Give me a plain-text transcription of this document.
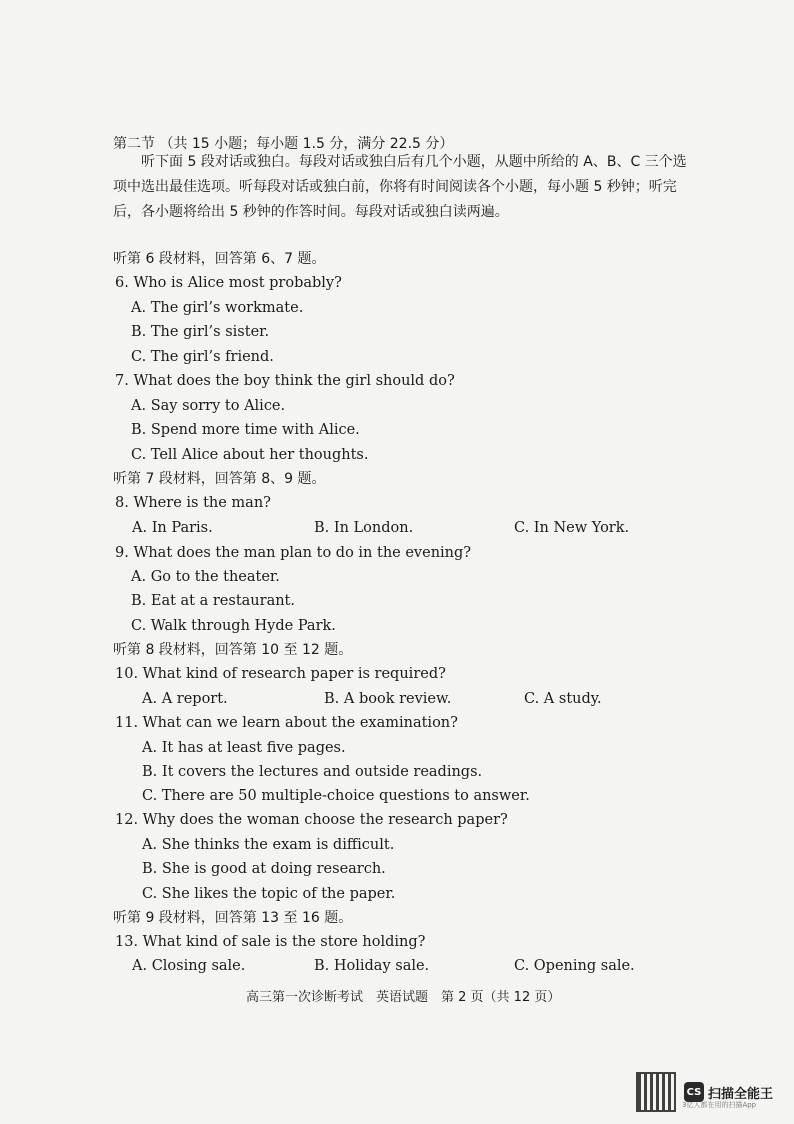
第二节 （共 15 小题；每小题 1.5 分，满分 22.5 分）
听下面 5 段对话或独白。每段对话或独白后有几个小题，从题中所给的 A、B、C 三个选项中选出最佳选项。听每段对话或独白前，你将有时间阅读各个小题，每小题 5 秒钟；听完后，各小题将给出 5 秒钟的作答时间。每段对话或独白读两遍。
听第 6 段材料，回答第 6、7 题。
6. Who is Alice most probably?
A. The girl’s workmate.
B. The girl’s sister.
C. The girl’s friend.
7. What does the boy think the girl should do?
A. Say sorry to Alice.
B. Spend more time with Alice.
C. Tell Alice about her thoughts.
听第 7 段材料，回答第 8、9 题。
8. Where is the man?
A. In Paris.	B. In London.	C. In New York.
9. What does the man plan to do in the evening?
A. Go to the theater.
B. Eat at a restaurant.
C. Walk through Hyde Park.
听第 8 段材料，回答第 10 至 12 题。
10. What kind of research paper is required?
A. A report.	B. A book review.	C. A study.
11. What can we learn about the examination?
A. It has at least five pages.
B. It covers the lectures and outside readings.
C. There are 50 multiple-choice questions to answer.
12. Why does the woman choose the research paper?
A. She thinks the exam is difficult.
B. She is good at doing research.
C. She likes the topic of the paper.
听第 9 段材料，回答第 13 至 16 题。
13. What kind of sale is the store holding?
A. Closing sale.	B. Holiday sale.	C. Opening sale.
高三第一次诊断考试　英语试题　第 2 页（共 12 页）
CS 扫描全能王
3亿人都在用的扫描App
